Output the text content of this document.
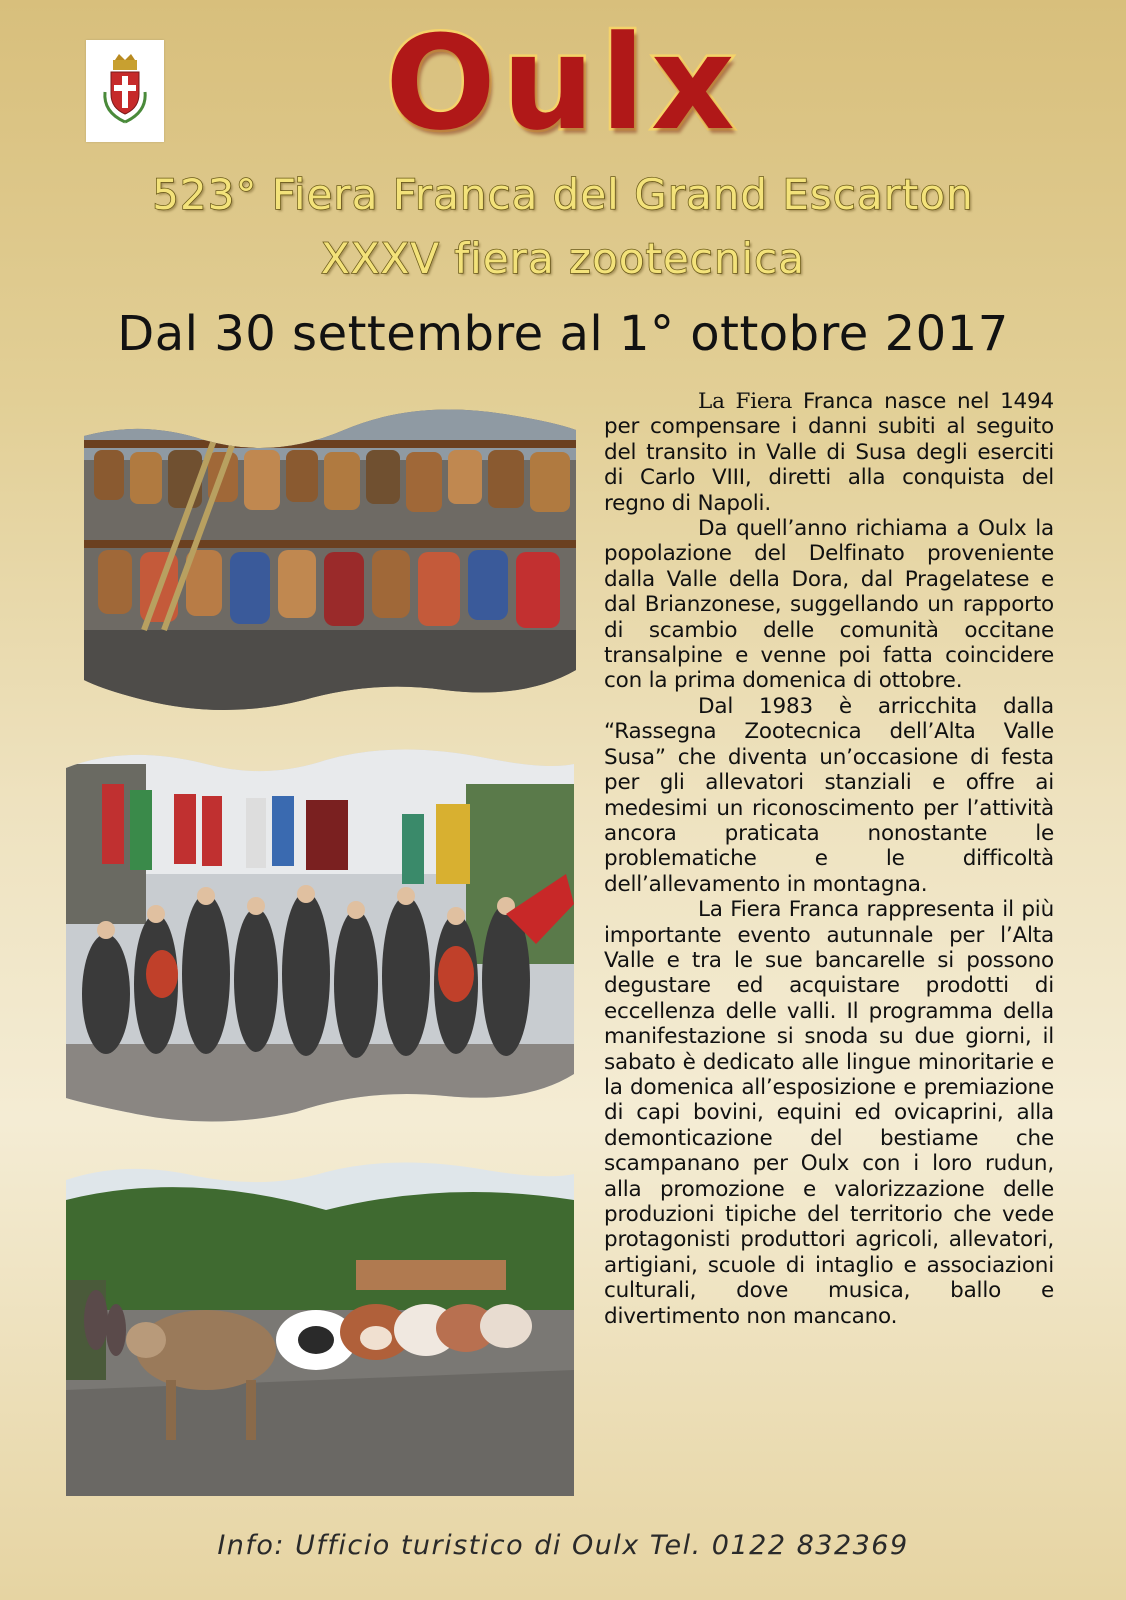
Oulx
523° Fiera Franca del Grand Escarton
XXXV fiera zootecnica
Dal 30 settembre al 1° ottobre 2017

La Fiera Franca nasce nel 1494 per compensare i danni subiti al seguito del transito in Valle di Susa degli eserciti di Carlo VIII, diretti alla conquista del regno di Napoli.

Da quell’anno richiama a Oulx la popolazione del Delfinato proveniente dalla Valle della Dora, dal Pragelatese e dal Brianzonese, suggellando un rapporto di scambio delle comunità occitane transalpine e venne poi fatta coincidere con la prima domenica di ottobre.

Dal 1983 è arricchita dalla “Rassegna Zootecnica dell’Alta Valle Susa” che diventa un’occasione di festa per gli allevatori stanziali e offre ai medesimi un riconoscimento per l’attività ancora praticata nonostante le problematiche e le difficoltà dell’allevamento in montagna.

La Fiera Franca rappresenta il più importante evento autunnale per l’Alta Valle e tra le sue bancarelle si possono degustare ed acquistare prodotti di eccellenza delle valli. Il programma della manifestazione si snoda su due giorni, il sabato è dedicato alle lingue minoritarie e la domenica all’esposizione e premiazione di capi bovini, equini ed ovicaprini, alla demonticazione del bestiame che scampanano per Oulx con i loro rudun, alla promozione e valorizzazione delle produzioni tipiche del territorio che vede protagonisti produttori agricoli, allevatori, artigiani, scuole di intaglio e associazioni culturali, dove musica, ballo e divertimento non mancano.

Info: Ufficio turistico di Oulx Tel. 0122 832369
